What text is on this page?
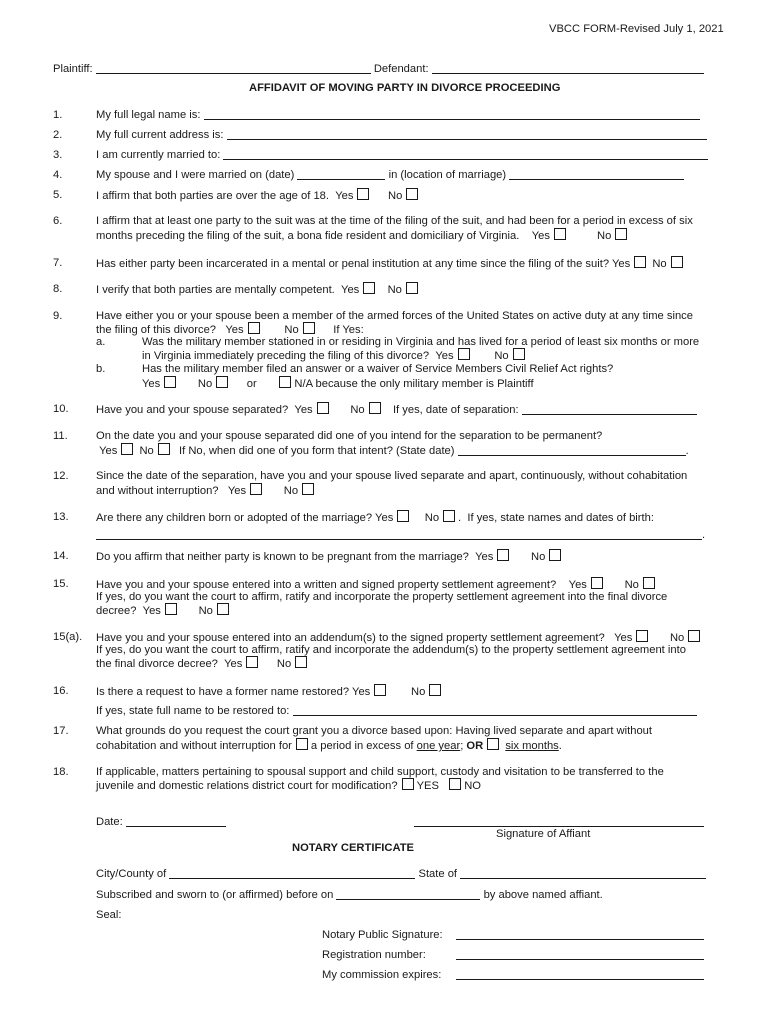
VBCC FORM-Revised July 1, 2021
Plaintiff:	Defendant:
AFFIDAVIT OF MOVING PARTY IN DIVORCE PROCEEDING
1.	My full legal name is:
2.	My full current address is:
3.	I am currently married to:
4.	My spouse and I were married on (date)	in (location of marriage)
5.	I affirm that both parties are over the age of 18. Yes	No
6.	I affirm that at least one party to the suit was at the time of the filing of the suit, and had been for a period in excess of six
months preceding the filing of the suit, a bona fide resident and domiciliary of Virginia. Yes	No
7.	Has either party been incarcerated in a mental or penal institution at any time since the filing of the suit? Yes No
8.	I verify that both parties are mentally competent. Yes	No
9.	Have either you or your spouse been a member of the armed forces of the United States on active duty at any time since
the filing of this divorce? Yes	No	If Yes:
a.	Was the military member stationed in or residing in Virginia and has lived for a period of least six months or more
in Virginia immediately preceding the filing of this divorce? Yes	No
b.	Has the military member filed an answer or a waiver of Service Members Civil Relief Act rights?
Yes	No	or	N/A because the only military member is Plaintiff
10. Have you and your spouse separated? Yes	No	If yes, date of separation:
11.	On the date you and your spouse separated did one of you intend for the separation to be permanent?
Yes No If No, when did one of you form that intent? (State date)	.
12. Since the date of the separation, have you and your spouse lived separate and apart, continuously, without cohabitation
and without interruption? Yes	No
13. Are there any children born or adopted of the marriage? Yes	No .  If yes, state names and dates of birth:
.
14. Do you affirm that neither party is known to be pregnant from the marriage? Yes	No
15. Have you and your spouse entered into a written and signed property settlement agreement? Yes	No
If yes, do you want the court to affirm, ratify and incorporate the property settlement agreement into the final divorce
decree? Yes	No
15(a). Have you and your spouse entered into an addendum(s) to the signed property settlement agreement? Yes	No
If yes, do you want the court to affirm, ratify and incorporate the addendum(s) to the property settlement agreement into
the final divorce decree? Yes	No
16. Is there a request to have a former name restored? Yes	No
If yes, state full name to be restored to:
17. What grounds do you request the court grant you a divorce based upon: Having lived separate and apart without
cohabitation and without interruption for a period in excess of one year; OR six months.
18. If applicable, matters pertaining to spousal support and child support, custody and visitation to be transferred to the
juvenile and domestic relations district court for modification? YES NO
Date:
Signature of Affiant
NOTARY CERTIFICATE
City/County of	State of
Subscribed and sworn to (or affirmed) before on	by above named affiant.
Seal:
Notary Public Signature:
Registration number:
My commission expires:
